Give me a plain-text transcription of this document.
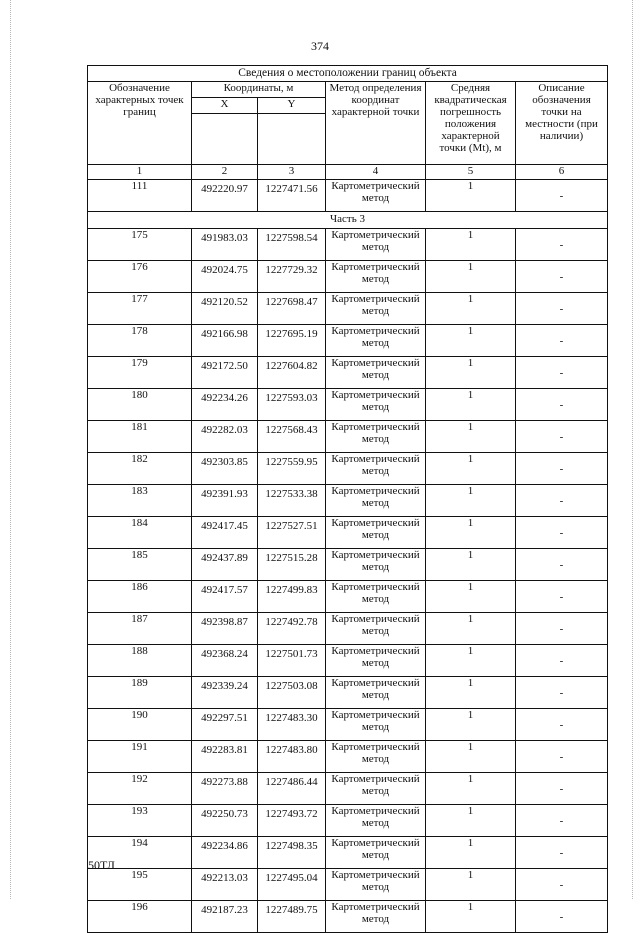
374
Сведения о местоположении границ объекта					
Обозначение характерных точек границ	Координаты, м		Метод определения координат характерной точки	Средняя квадратическая погрешность положения характерной точки (Mt), м	Описание обозначения точки на местности (при наличии)
	X	Y			

1	2	3	4	5	6
111	492220.97	1227471.56	Картометрический метод	1	-
Часть 3					
175	491983.03	1227598.54	Картометрический метод	1	-
176	492024.75	1227729.32	Картометрический метод	1	-
177	492120.52	1227698.47	Картометрический метод	1	-
178	492166.98	1227695.19	Картометрический метод	1	-
179	492172.50	1227604.82	Картометрический метод	1	-
180	492234.26	1227593.03	Картометрический метод	1	-
181	492282.03	1227568.43	Картометрический метод	1	-
182	492303.85	1227559.95	Картометрический метод	1	-
183	492391.93	1227533.38	Картометрический метод	1	-
184	492417.45	1227527.51	Картометрический метод	1	-
185	492437.89	1227515.28	Картометрический метод	1	-
186	492417.57	1227499.83	Картометрический метод	1	-
187	492398.87	1227492.78	Картометрический метод	1	-
188	492368.24	1227501.73	Картометрический метод	1	-
189	492339.24	1227503.08	Картометрический метод	1	-
190	492297.51	1227483.30	Картометрический метод	1	-
191	492283.81	1227483.80	Картометрический метод	1	-
192	492273.88	1227486.44	Картометрический метод	1	-
193	492250.73	1227493.72	Картометрический метод	1	-
194	492234.86	1227498.35	Картометрический метод	1	-
195	492213.03	1227495.04	Картометрический метод	1	-
196	492187.23	1227489.75	Картометрический метод	1	-
50ТЛ
